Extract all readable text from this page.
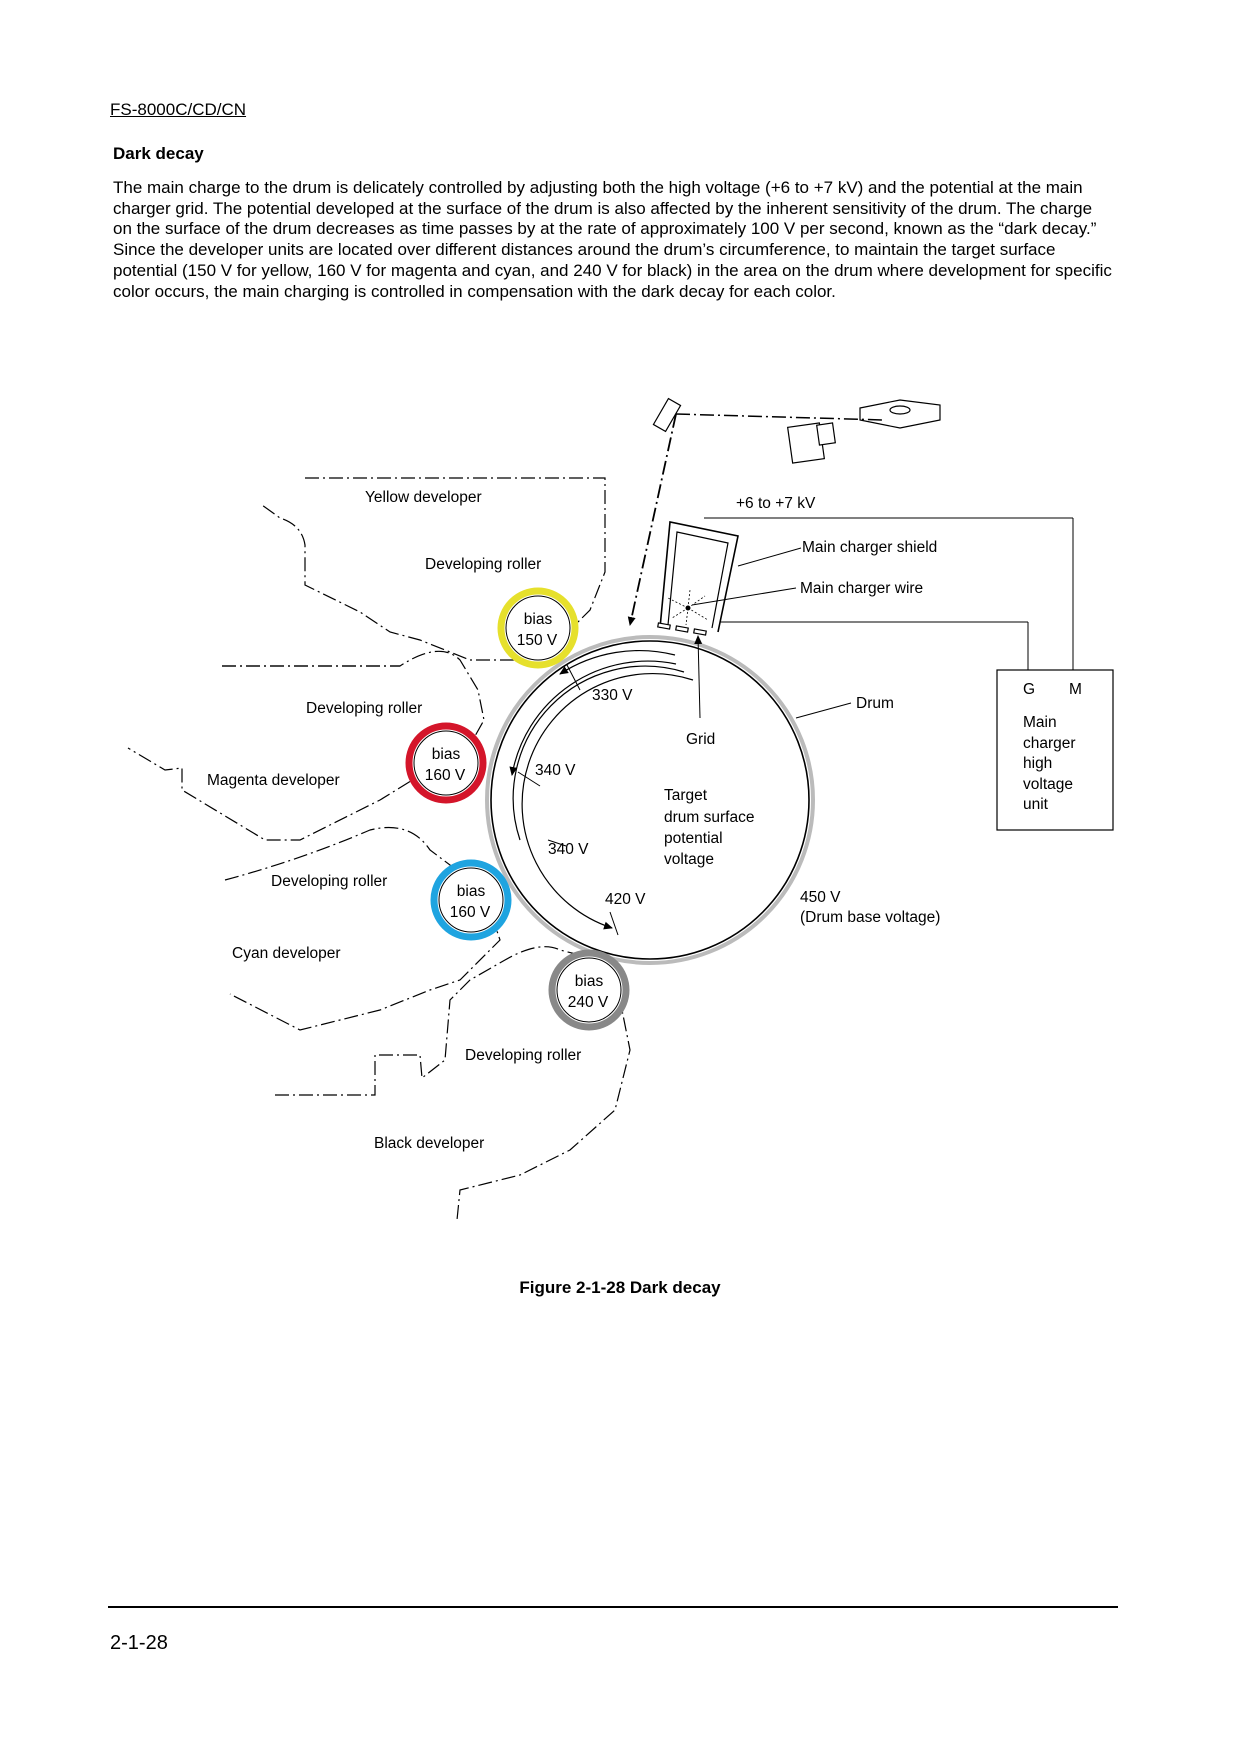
FS-8000C/CD/CN
Dark decay

The main charge to the drum is delicately controlled by adjusting both the high voltage (+6 to +7 kV) and the potential at the main charger grid. The potential developed at the surface of the drum is also affected by the inherent sensitivity of the drum. The charge on the surface of the drum decreases as time passes by at the rate of approximately 100 V per second, known as the “dark decay.” Since the developer units are located over different distances around the drum’s circumference, to maintain the target surface potential (150 V for yellow, 160 V for magenta and cyan, and 240 V for black) in the area on the drum where development for specific color occurs, the main charging is controlled in compensation with the dark decay for each color.

bias
150 V
bias
160 V
bias
160 V
bias
240 V
Yellow developer
Developing roller
Developing roller
Magenta developer
Developing roller
Cyan developer
Developing roller
Black developer
+6 to +7 kV
Main charger shield
Main charger wire
Drum
Grid
330 V
340 V
340 V
420 V	450 V
(Drum base voltage)
Target
drum surface
potential
voltage
G M
Main
charger
high
voltage
unit
Figure 2-1-28 Dark decay
2-1-28
